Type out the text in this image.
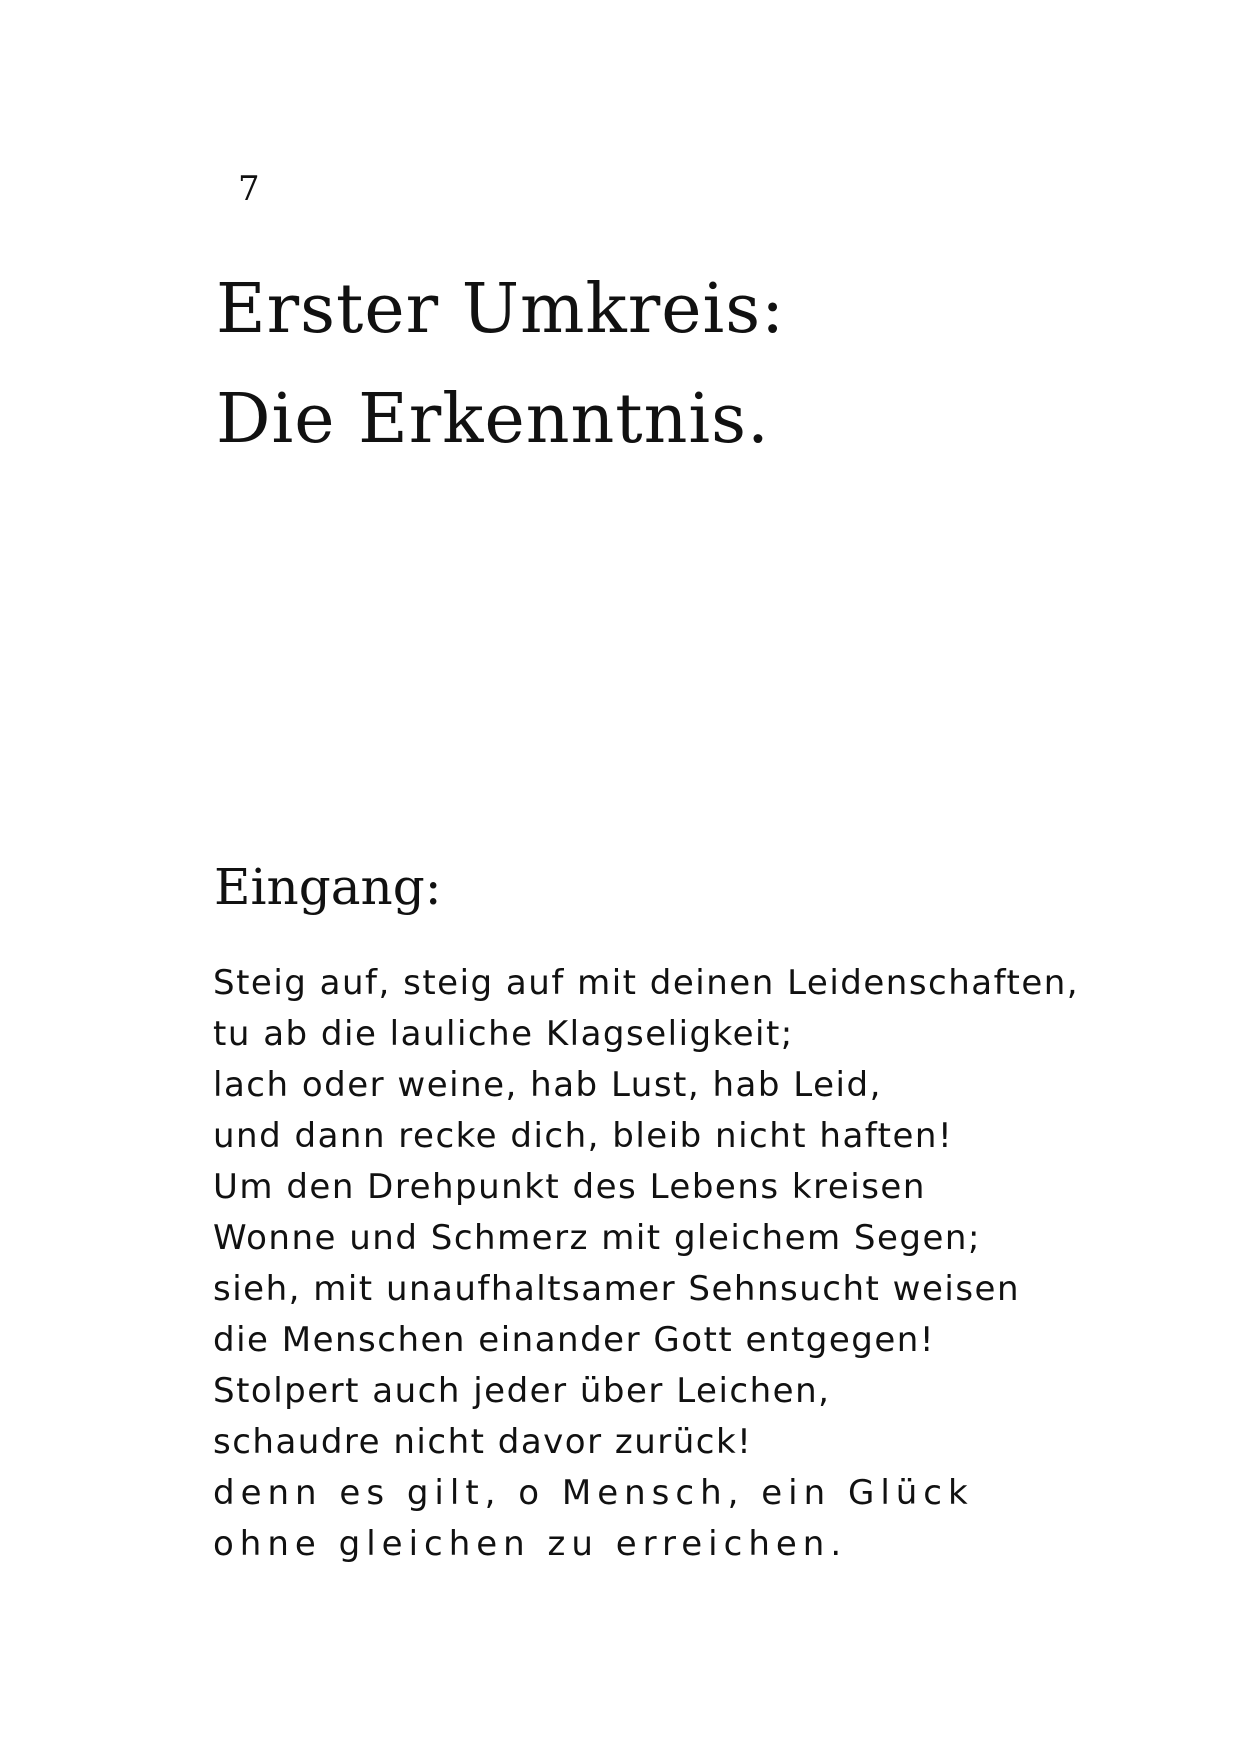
7
Erster Umkreis:
Die Erkenntnis.
Eingang:
Steig auf, steig auf mit deinen Leidenschaften,
tu ab die lauliche Klagseligkeit;
lach oder weine, hab Lust, hab Leid,
und dann recke dich, bleib nicht haften!
Um den Drehpunkt des Lebens kreisen
Wonne und Schmerz mit gleichem Segen;
sieh, mit unaufhaltsamer Sehnsucht weisen
die Menschen einander Gott entgegen!
Stolpert auch jeder über Leichen,
schaudre nicht davor zurück!
denn es gilt, o Mensch, ein Glück
ohne gleichen zu erreichen.
